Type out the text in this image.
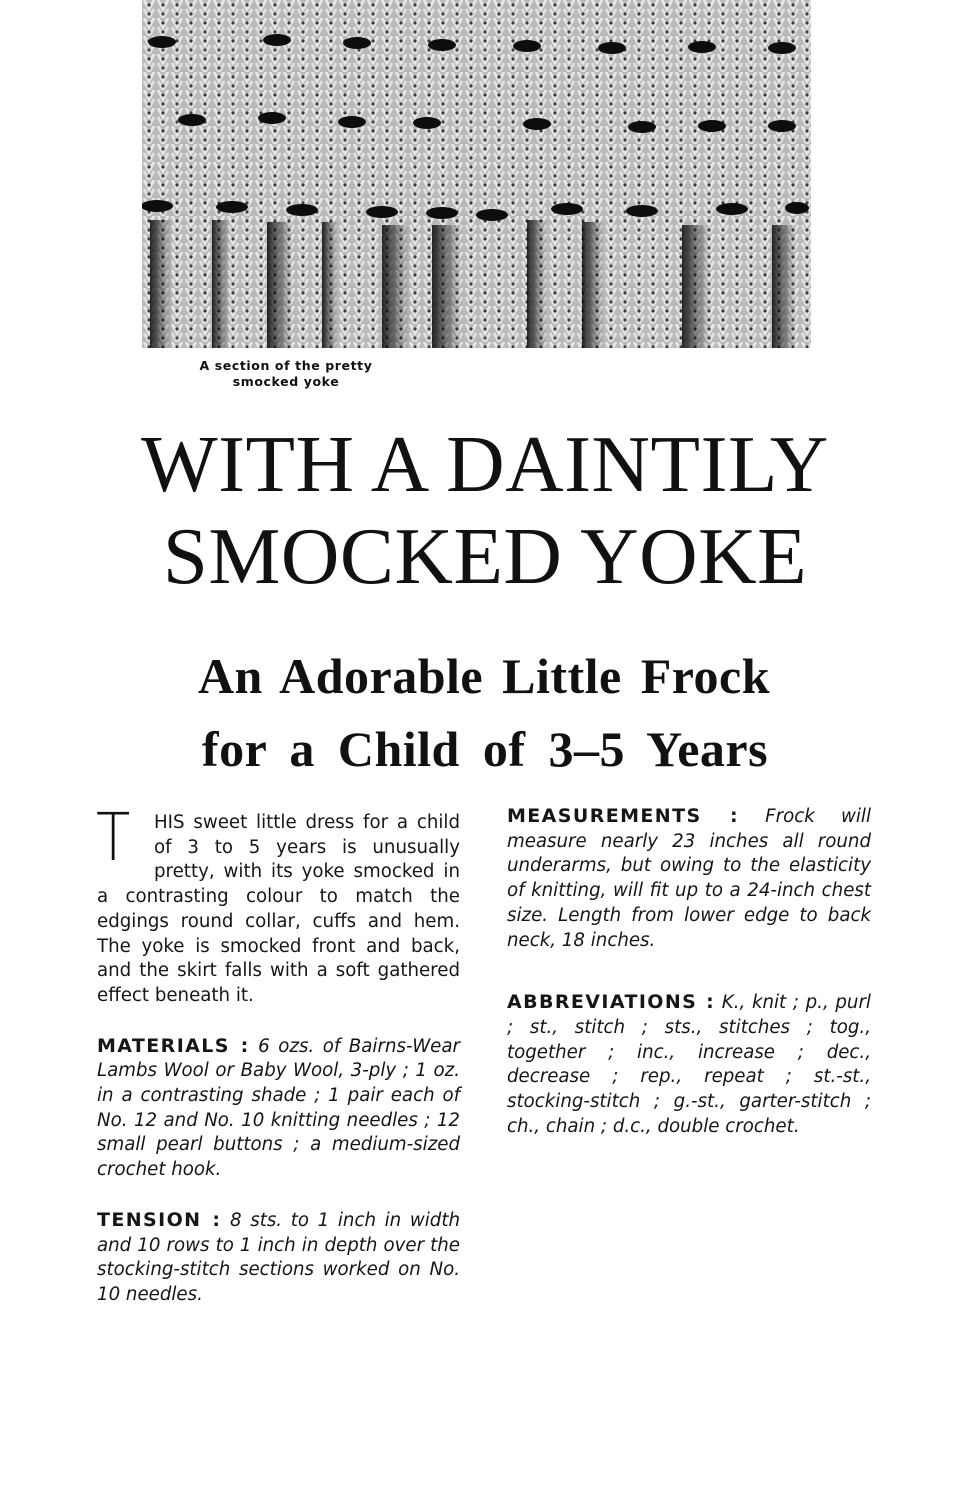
A section of the pretty
smocked yoke
WITH A DAINTILY
SMOCKED YOKE
An Adorable Little Frock
for a Child of 3–5 Years

T	HIS sweet little dress for a child of 3 to 5 years is unusually pretty, with its yoke smocked in a contrasting colour to match the edgings round collar, cuffs and hem. The yoke is smocked front and back, and the skirt falls with a soft gathered effect beneath it.

MATERIALS : 6 ozs. of Bairns-Wear Lambs Wool or Baby Wool, 3-ply ; 1 oz. in a contrasting shade ; 1 pair each of No. 12 and No. 10 knitting needles ; 12 small pearl buttons ; a medium-sized crochet hook.

TENSION : 8 sts. to 1 inch in width and 10 rows to 1 inch in depth over the stocking-stitch sections worked on No. 10 needles.

MEASUREMENTS : Frock will measure nearly 23 inches all round underarms, but owing to the elasticity of knitting, will fit up to a 24-inch chest size. Length from lower edge to back neck, 18 inches.

ABBREVIATIONS : K., knit ; p., purl ; st., stitch ; sts., stitches ; tog., together ; inc., increase ; dec., decrease ; rep., repeat ; st.-st., stocking-stitch ; g.-st., garter-stitch ; ch., chain ; d.c., double crochet.
